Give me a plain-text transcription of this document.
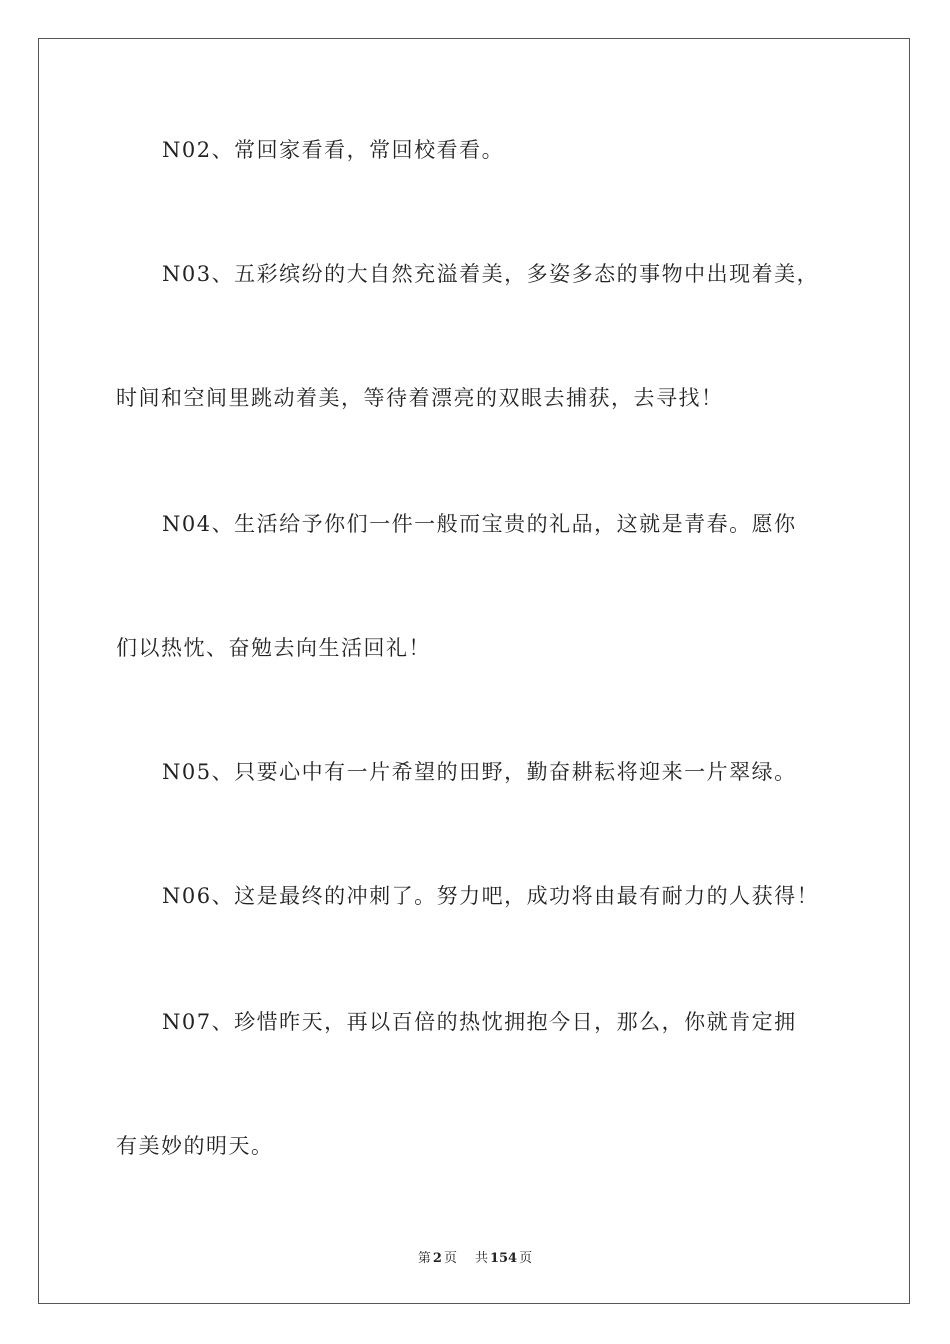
N02、常回家看看，常回校看看。
N03、五彩缤纷的大自然充溢着美，多姿多态的事物中出现着美，
时间和空间里跳动着美，等待着漂亮的双眼去捕获，去寻找！
N04、生活给予你们一件一般而宝贵的礼品，这就是青春。愿你
们以热忱、奋勉去向生活回礼！
N05、只要心中有一片希望的田野，勤奋耕耘将迎来一片翠绿。
N06、这是最终的冲刺了。努力吧，成功将由最有耐力的人获得！
N07、珍惜昨天，再以百倍的热忱拥抱今日，那么，你就肯定拥
有美妙的明天。
第 2 页 共 154 页
